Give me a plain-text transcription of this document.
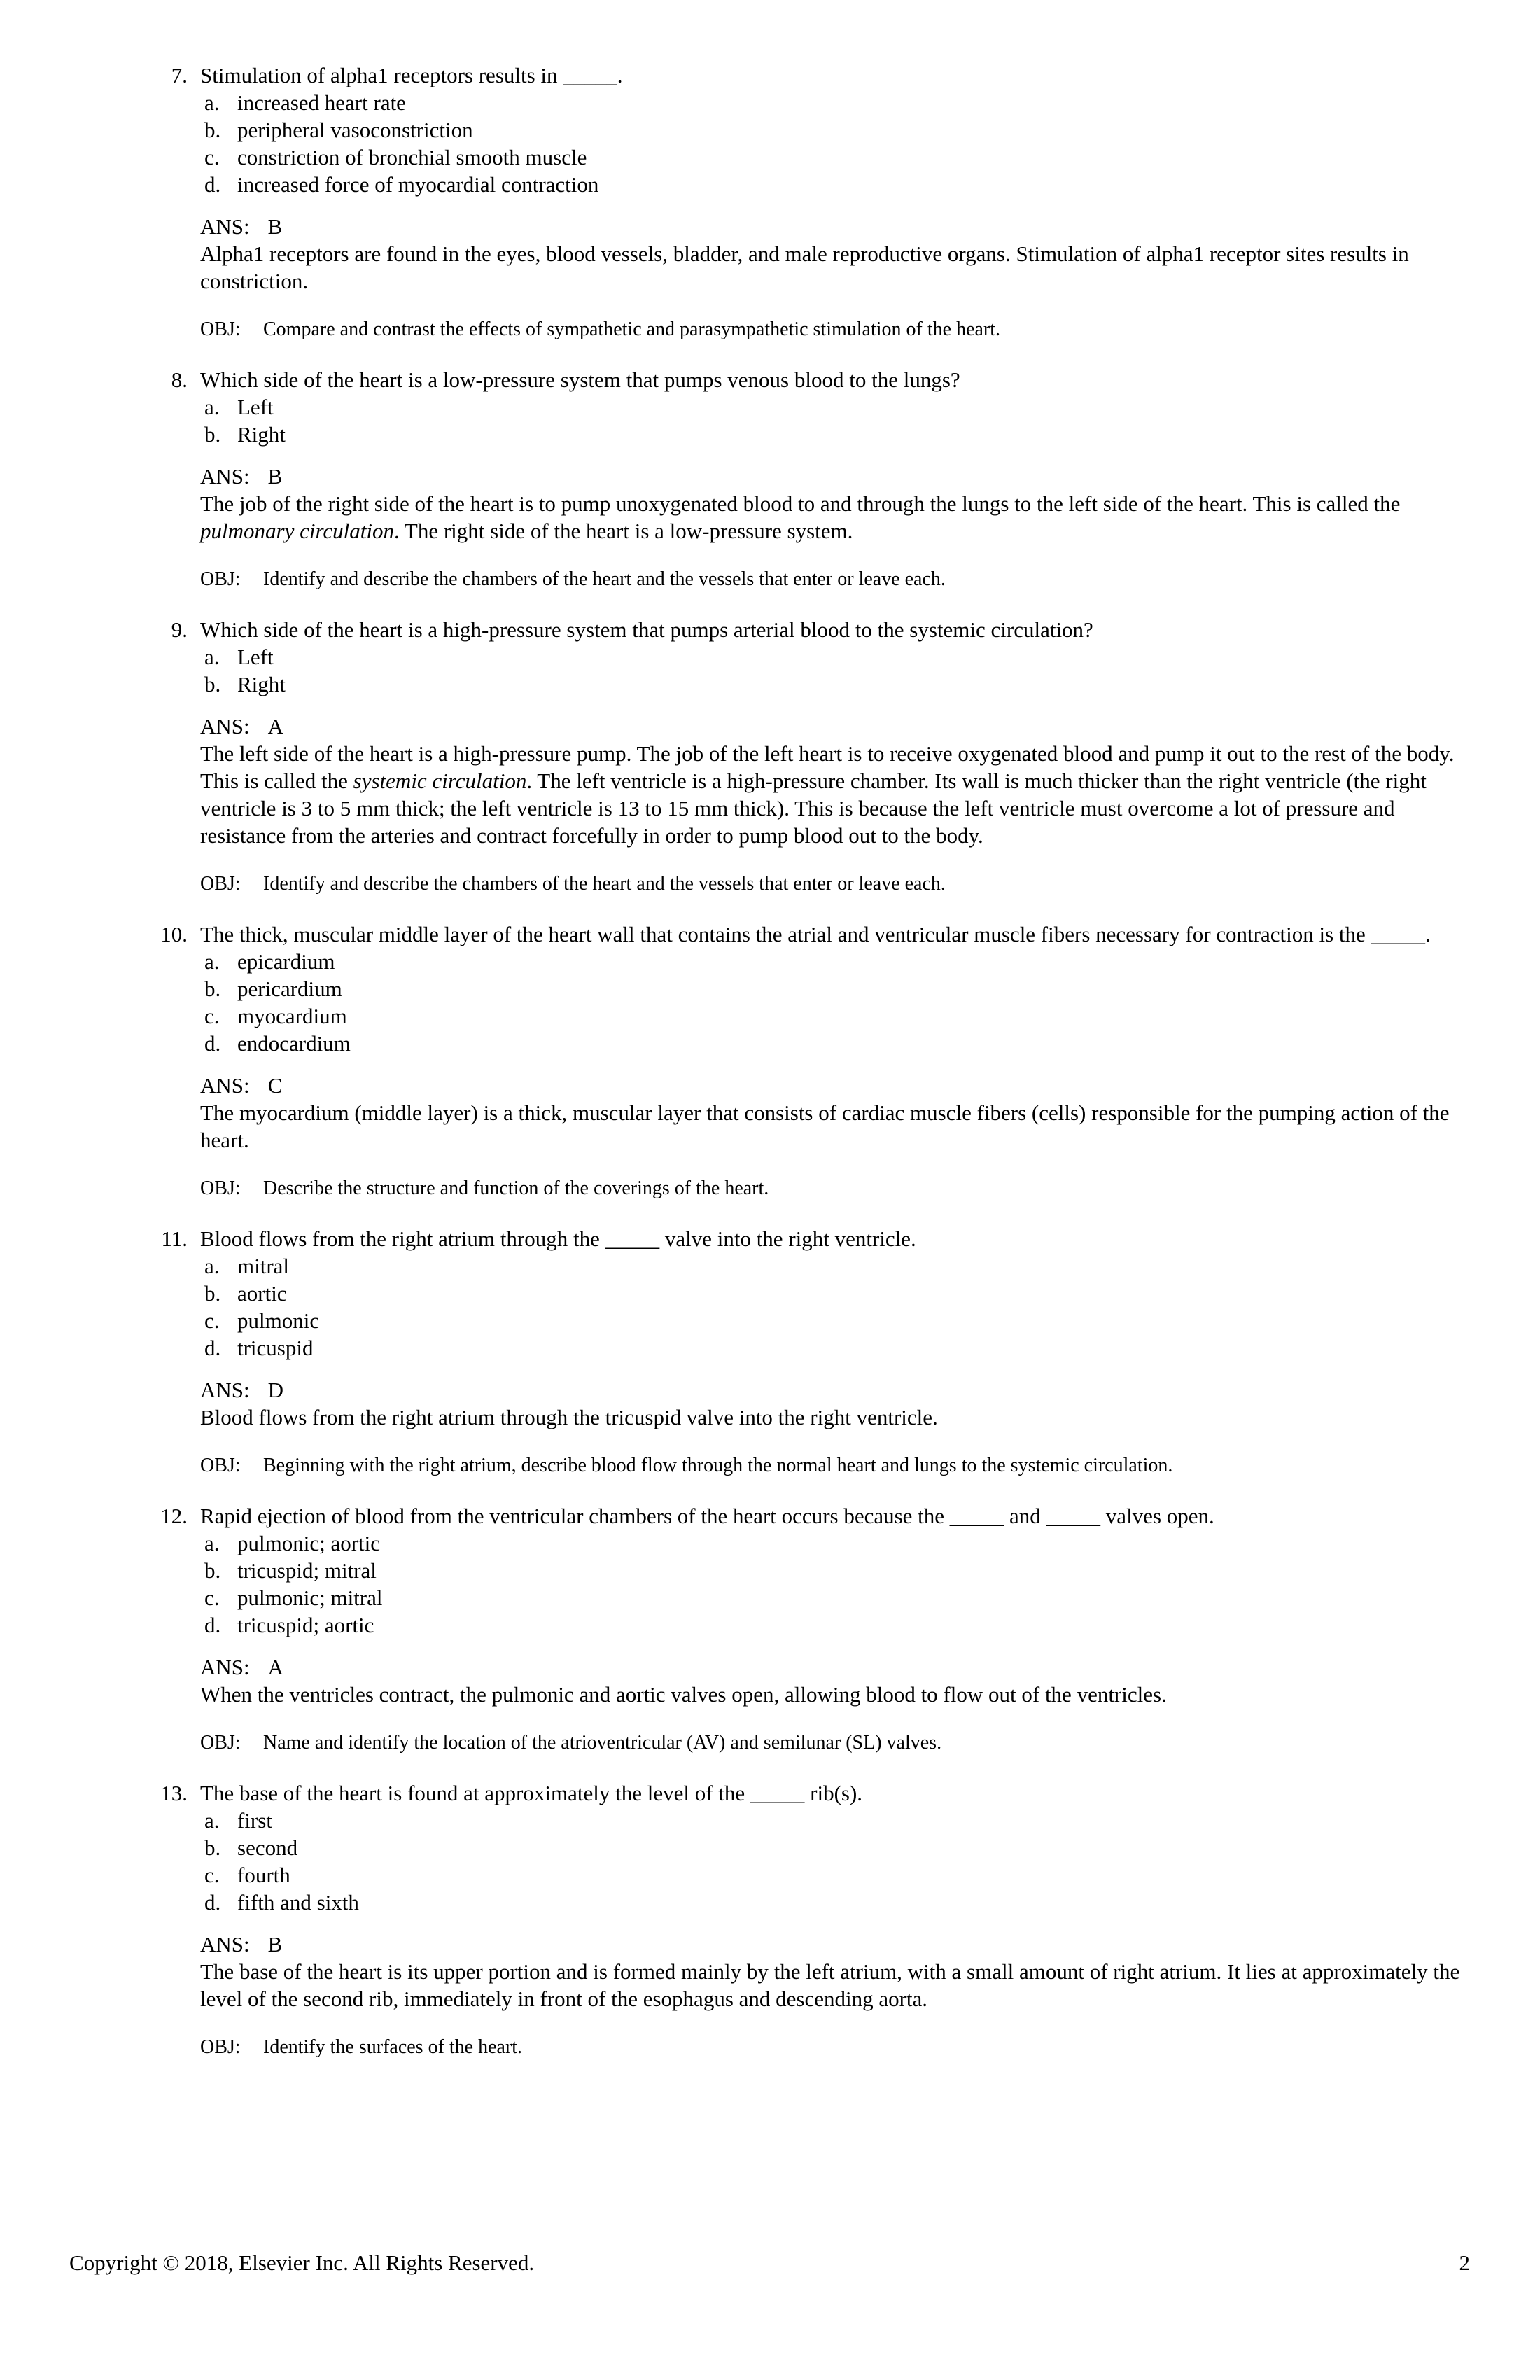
7. Stimulation of alpha1 receptors results in _____.
a. increased heart rate
b. peripheral vasoconstriction
c. constriction of bronchial smooth muscle
d. increased force of myocardial contraction
ANS: B
Alpha1 receptors are found in the eyes, blood vessels, bladder, and male reproductive organs. Stimulation of alpha1 receptor sites results in constriction.
OBJ:	Compare and contrast the effects of sympathetic and parasympathetic stimulation of the heart.
8. Which side of the heart is a low-pressure system that pumps venous blood to the lungs?
a. Left
b. Right
ANS: B
The job of the right side of the heart is to pump unoxygenated blood to and through the lungs to the left side of the heart. This is called the pulmonary circulation. The right side of the heart is a low-pressure system.
OBJ:	Identify and describe the chambers of the heart and the vessels that enter or leave each.
9. Which side of the heart is a high-pressure system that pumps arterial blood to the systemic circulation?
a. Left
b. Right
ANS: A
The left side of the heart is a high-pressure pump. The job of the left heart is to receive oxygenated blood and pump it out to the rest of the body. This is called the systemic circulation. The left ventricle is a high-pressure chamber. Its wall is much thicker than the right ventricle (the right ventricle is 3 to 5 mm thick; the left ventricle is 13 to 15 mm thick). This is because the left ventricle must overcome a lot of pressure and resistance from the arteries and contract forcefully in order to pump blood out to the body.
OBJ:	Identify and describe the chambers of the heart and the vessels that enter or leave each.
10. The thick, muscular middle layer of the heart wall that contains the atrial and ventricular muscle fibers necessary for contraction is the _____.
a. epicardium
b. pericardium
c. myocardium
d. endocardium
ANS: C
The myocardium (middle layer) is a thick, muscular layer that consists of cardiac muscle fibers (cells) responsible for the pumping action of the heart.
OBJ:	Describe the structure and function of the coverings of the heart.
11. Blood flows from the right atrium through the _____ valve into the right ventricle.
a. mitral
b. aortic
c. pulmonic
d. tricuspid
ANS: D
Blood flows from the right atrium through the tricuspid valve into the right ventricle.
OBJ:	Beginning with the right atrium, describe blood flow through the normal heart and lungs to the systemic circulation.
12. Rapid ejection of blood from the ventricular chambers of the heart occurs because the _____ and _____ valves open.
a. pulmonic; aortic
b. tricuspid; mitral
c. pulmonic; mitral
d. tricuspid; aortic
ANS: A
When the ventricles contract, the pulmonic and aortic valves open, allowing blood to flow out of the ventricles.
OBJ:	Name and identify the location of the atrioventricular (AV) and semilunar (SL) valves.
13. The base of the heart is found at approximately the level of the _____ rib(s).
a. first
b. second
c. fourth
d. fifth and sixth
ANS: B
The base of the heart is its upper portion and is formed mainly by the left atrium, with a small amount of right atrium. It lies at approximately the level of the second rib, immediately in front of the esophagus and descending aorta.
OBJ:	Identify the surfaces of the heart.
Copyright © 2018, Elsevier Inc. All Rights Reserved.	2
